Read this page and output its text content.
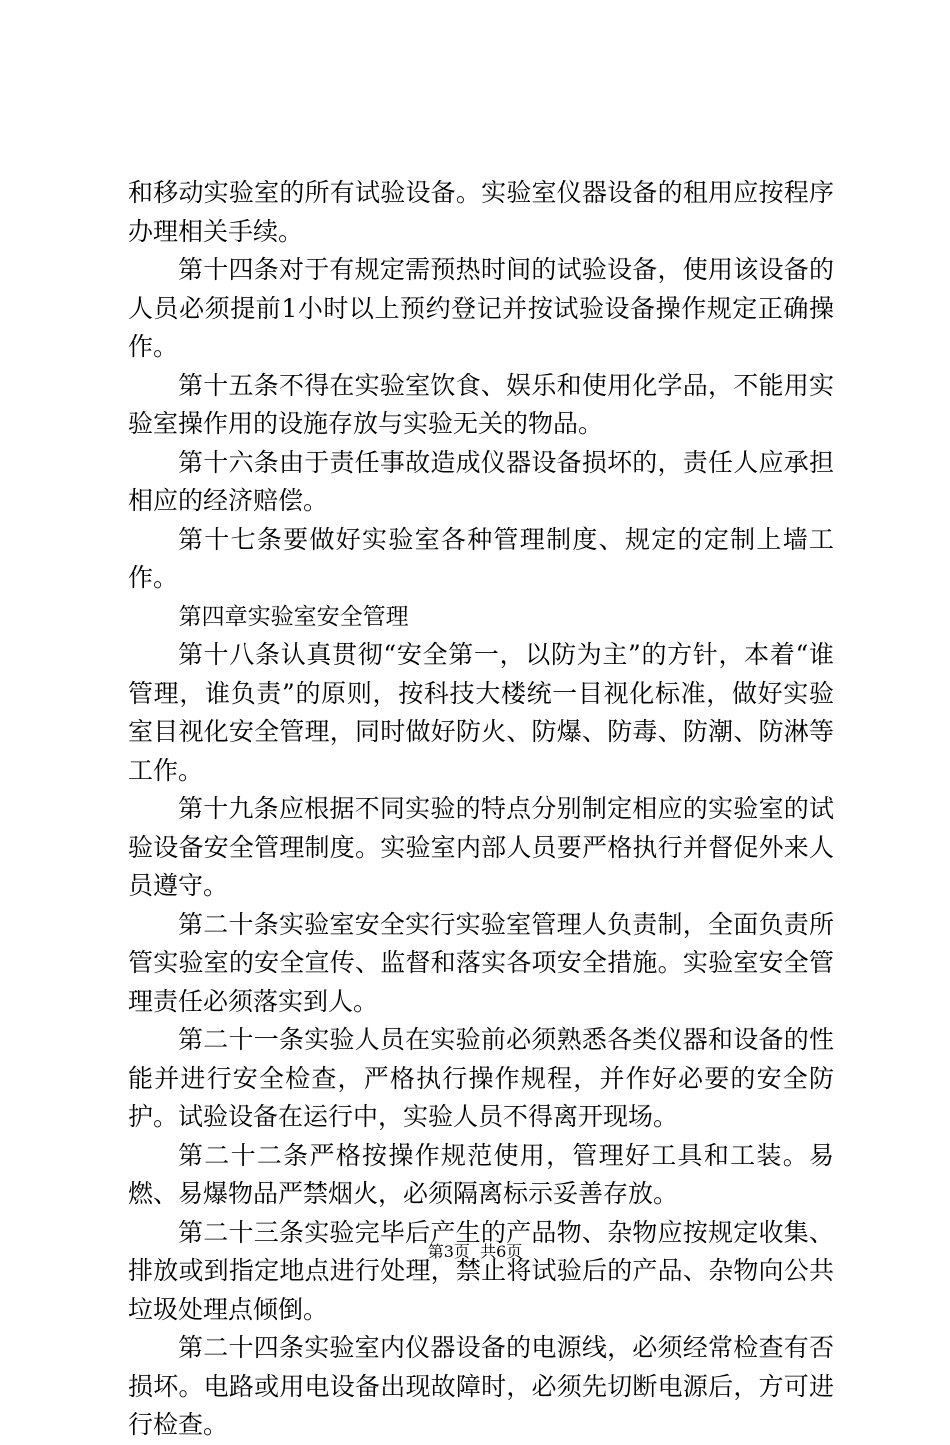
和移动实验室的所有试验设备。实验室仪器设备的租用应按程序办理相关手续。

第十四条对于有规定需预热时间的试验设备，使用该设备的人员必须提前1小时以上预约登记并按试验设备操作规定正确操作。

第十五条不得在实验室饮食、娱乐和使用化学品，不能用实验室操作用的设施存放与实验无关的物品。

第十六条由于责任事故造成仪器设备损坏的，责任人应承担相应的经济赔偿。

第十七条要做好实验室各种管理制度、规定的定制上墙工作。

第四章实验室安全管理

第十八条认真贯彻“安全第一，以防为主”的方针，本着“谁管理，谁负责”的原则，按科技大楼统一目视化标准，做好实验室目视化安全管理，同时做好防火、防爆、防毒、防潮、防淋等工作。

第十九条应根据不同实验的特点分别制定相应的实验室的试验设备安全管理制度。实验室内部人员要严格执行并督促外来人员遵守。

第二十条实验室安全实行实验室管理人负责制，全面负责所管实验室的安全宣传、监督和落实各项安全措施。实验室安全管理责任必须落实到人。

第二十一条实验人员在实验前必须熟悉各类仪器和设备的性能并进行安全检查，严格执行操作规程，并作好必要的安全防护。试验设备在运行中，实验人员不得离开现场。

第二十二条严格按操作规范使用，管理好工具和工装。易燃、易爆物品严禁烟火，必须隔离标示妥善存放。

第二十三条实验完毕后产生的产品物、杂物应按规定收集、排放或到指定地点进行处理，禁止将试验后的产品、杂物向公共垃圾处理点倾倒。

第二十四条实验室内仪器设备的电源线，必须经常检查有否损坏。电路或用电设备出现故障时，必须先切断电源后，方可进行检查。

第3页  共6页
